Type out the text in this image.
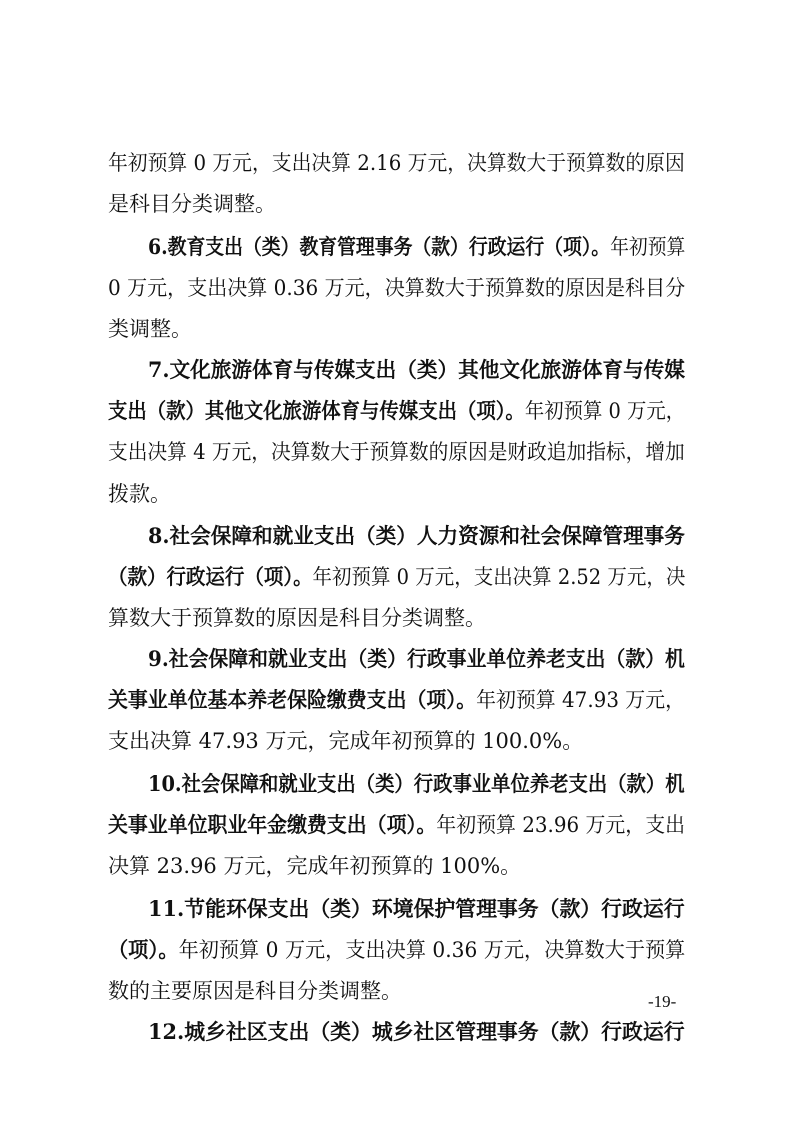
年初预算 0 万元，支出决算 2.16 万元，决算数大于预算数的原因
是科目分类调整。
6.教育支出（类）教育管理事务（款）行政运行（项）。年初预算
0 万元，支出决算 0.36 万元，决算数大于预算数的原因是科目分
类调整。
7.文化旅游体育与传媒支出（类）其他文化旅游体育与传媒
支出（款）其他文化旅游体育与传媒支出（项）。年初预算 0 万元，
支出决算 4 万元，决算数大于预算数的原因是财政追加指标，增加
拨款。
8.社会保障和就业支出（类）人力资源和社会保障管理事务
（款）行政运行（项）。年初预算 0 万元，支出决算 2.52 万元，决
算数大于预算数的原因是科目分类调整。
9.社会保障和就业支出（类）行政事业单位养老支出（款）机
关事业单位基本养老保险缴费支出（项）。年初预算 47.93 万元，
支出决算 47.93 万元，完成年初预算的 100.0%。
10.社会保障和就业支出（类）行政事业单位养老支出（款）机
关事业单位职业年金缴费支出（项）。年初预算 23.96 万元，支出
决算 23.96 万元，完成年初预算的 100%。
11.节能环保支出（类）环境保护管理事务（款）行政运行
（项）。年初预算 0 万元，支出决算 0.36 万元，决算数大于预算
数的主要原因是科目分类调整。
12.城乡社区支出（类）城乡社区管理事务（款）行政运行
-19-
